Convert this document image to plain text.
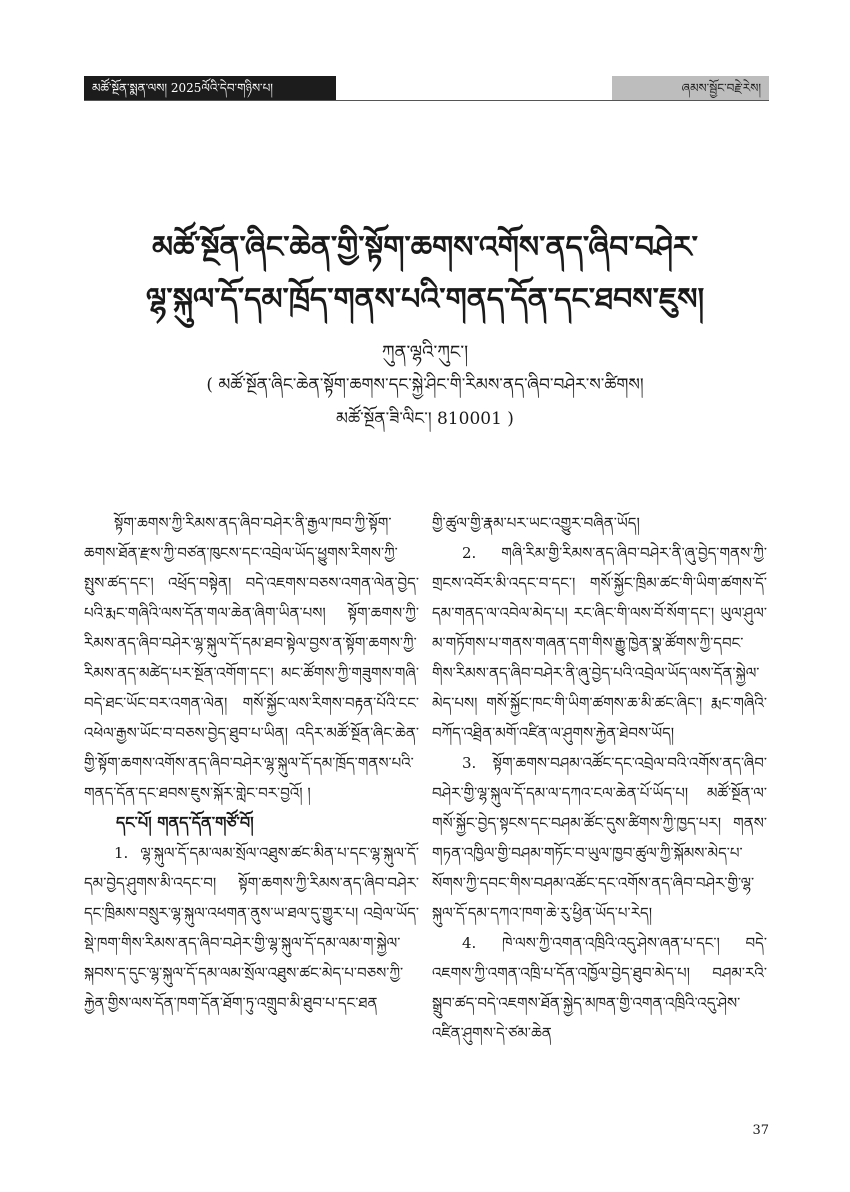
མཚོ་སྔོན་སྨན་ལས། 2025ལོའི་དེབ་གཉིས་པ།	ཞམས་སྦྱོང་བརྗེ་རེས།
མཚོ་སྔོན་ཞིང་ཆེན་གྱི་སྟོག་ཆགས་འགོས་ནད་ཞིབ་བཤེར་
ལྷ་སྐུལ་དོ་དམ་ཁྲོད་གནས་པའི་གནད་དོན་དང་ཐབས་ཇུས།
ཀུན་ལྷའི་ཀུང་།
( མཚོ་སྔོན་ཞིང་ཆེན་སྟོག་ཆགས་དང་སྐྱེ་ཤིང་གི་རིམས་ནད་ཞིབ་བཤེར་ས་ཚིགས།
མཚོ་སྔོན་ཟི་ལིང་། 810001 )

སྟོག་ཆགས་ཀྱི་རིམས་ནད་ཞིབ་བཤེར་ནི་རྒྱལ་ཁབ་ཀྱི་སྟོག་ཆགས་ཐོན་རྫས་ཀྱི་བཙན་ཁུངས་དང་འབྲེལ་ཡོད་ཕྱུགས་རིགས་ཀྱི་སྤུས་ཚད་དང་། འཕྲོད་བསྟེན། བདེ་འཇགས་བཅས་འགན་ལེན་བྱེད་པའི་རྨང་གཞིའི་ལས་དོན་གལ་ཆེན་ཞིག་ཡིན་པས། སྟོག་ཆགས་ཀྱི་རིམས་ནད་ཞིབ་བཤེར་ལྷ་སྐུལ་དོ་དམ་ཐབ་སྟེལ་བྱས་ན་སྟོག་ཆགས་ཀྱི་རིམས་ནད་མཚེད་པར་སྔོན་འགོག་དང་། མང་ཚོགས་ཀྱི་གཟུགས་གཞི་བདེ་ཐང་ཡོང་བར་འགན་ལེན། གསོ་སྐྱོང་ལས་རིགས་བརྟན་པོའི་ངང་འཕེལ་རྒྱས་ཡོང་བ་བཅས་བྱེད་ཐུབ་པ་ཡིན། འདིར་མཚོ་སྔོན་ཞིང་ཆེན་གྱི་སྟོག་ཆགས་འགོས་ནད་ཞིབ་བཤེར་ལྷ་སྐུལ་དོ་དམ་ཁྲོད་གནས་པའི་གནད་དོན་དང་ཐབས་ཇུས་སྐོར་གླེང་བར་བྱའོ། །

དང་པོ། གནད་དོན་གཙོ་བོ།

1. ལྷ་སྐུལ་དོ་དམ་ལམ་སྲོལ་འཐུས་ཚང་མིན་པ་དང་ལྷ་སྐུལ་དོ་དམ་བྱེད་ཤུགས་མི་འདང་བ། སྟོག་ཆགས་ཀྱི་རིམས་ནད་ཞིབ་བཤེར་དང་ཁྲིམས་བསྲུར་ལྷ་སྐུལ་འཕགན་ནུས་ཡ་ཐལ་དུ་གྱུར་པ། འབྲེལ་ཡོད་སྡེ་ཁག་གིས་རིམས་ནད་ཞིབ་བཤེར་གྱི་ལྷ་སྐུལ་དོ་དམ་ལམ་ག་སྐྱེལ་སྐབས་ད་དུང་ལྷ་སྐུལ་དོ་དམ་ལམ་སྲོལ་འཐུས་ཚང་མེད་པ་བཅས་ཀྱི་རྐྱེན་གྱིས་ལས་དོན་ཁག་དོན་ཐོག་ཏུ་འགྲུབ་མི་ཐུབ་པ་དང་ཐན

གྱི་ཚུལ་གྱི་རྣམ་པར་ཡང་འགྱུར་བཞིན་ཡོད།

2. གཞི་རིམ་གྱི་རིམས་ནད་ཞིབ་བཤེར་ནི་ཞུ་བྱེད་གནས་ཀྱི་གྲངས་འབོར་མི་འདང་བ་དང་། གསོ་སྐྱོང་ཁྲིམ་ཚང་གི་ཡིག་ཚགས་དོ་དམ་གནད་ལ་འབེལ་མེད་པ། རང་ཞིང་གི་ལས་བོ་སོག་དང་། ཡུལ་ཤུལ་མ་གཏོགས་པ་གནས་གཞན་དག་གིས་རྒྱུ་ཁྱེན་སྣ་ཚོགས་ཀྱི་དབང་གིས་རིམས་ནད་ཞིབ་བཤེར་ནི་ཞུ་བྱེད་པའི་འབྲེལ་ཡོད་ལས་དོན་སྐྱེལ་མེད་པས། གསོ་སྐྱོང་ཁང་གི་ཡིག་ཚགས་ཆ་མི་ཚང་ཞིང་། རྨང་གཞིའི་བཀོད་འཐྲིན་མགོ་འཛིན་ལ་ཤུགས་རྐྱེན་ཐེབས་ཡོད།

3. སྟོག་ཆགས་བཤམ་འཚོང་དང་འབྲེལ་བའི་འགོས་ནད་ཞིབ་བཤེར་གྱི་ལྷ་སྐུལ་དོ་དམ་ལ་དཀའ་ངལ་ཆེན་པོ་ཡོད་པ། མཚོ་སྔོན་ལ་གསོ་སྐྱོང་བྱེད་སྟངས་དང་བཤམ་ཚོང་དུས་ཚིགས་ཀྱི་ཁྱད་པར། གནས་གཏན་འཁྱིལ་གྱི་བཤམ་གཏོང་བ་ཡུལ་ཁྱབ་ཚུལ་ཀྱི་སྐོམས་མེད་པ་སོགས་ཀྱི་དབང་གིས་བཤམ་འཚོང་དང་འགོས་ནད་ཞིབ་བཤེར་གྱི་ལྷ་སྐུལ་དོ་དམ་དཀའ་ཁག་ཆེ་རུ་ཕྱིན་ཡོད་པ་རེད།

4. ཁེ་ལས་ཀྱི་འགན་འཁྲིའི་འདུ་ཤེས་ཞན་པ་དང་། བདེ་འཇགས་ཀྱི་འགན་འཁྲི་པ་དོན་འཁྱོལ་བྱེད་ཐུབ་མེད་པ། བཤམ་རའི་སྒྲུབ་ཚད་བདེ་འཇགས་ཐོན་སྐྱེད་མཁན་གྱི་འགན་འཁྲིའི་འདུ་ཤེས་འཛིན་ཤུགས་དེ་ཙམ་ཆེན

37
